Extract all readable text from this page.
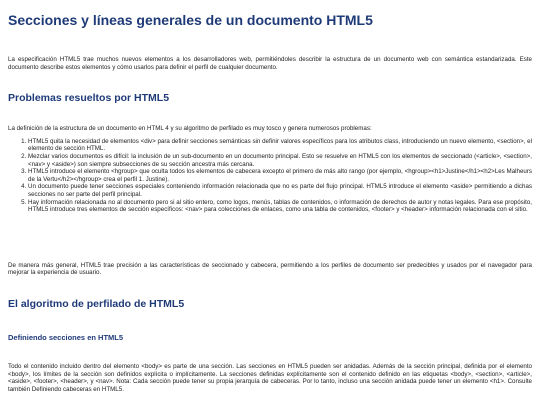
Secciones y líneas generales de un documento HTML5

La especificación HTML5 trae muchos nuevos elementos a los desarrolladores web, permitiéndoles describir la estructura de un documento web con semántica estandarizada. Este documento describe estos elementos y cómo usarlos para definir el perfil de cualquier documento.

Problemas resueltos por HTML5

La definición de la estructura de un documento en HTML 4 y su algoritmo de perfilado es muy tosco y genera numerosos problemas:

1. HTML5 quita la necesidad de elementos <div> para definir secciones semánticas sin definir valores específicos para los atributos class, introduciendo un nuevo elemento, <section>, el elemento de sección HTML.
2. Mezclar varios documentos es difícil: la inclusión de un sub-documento en un documento principal. Esto se resuelve en HTML5 con los elementos de seccionado (<article>, <section>, <nav> y <aside>) son siempre subsecciones de su sección ancestra más cercana.
3. HTML5 introduce el elemento <hgroup> que oculta todos los elementos de cabecera excepto el primero de más alto rango (por ejemplo, <hgroup><h1>Justine</h1><h2>Les Malheurs de la Vertu</h2></hgroup> crea el perfil 1. Justine).
4. Un documento puede tener secciones especiales conteniendo información relacionada que no es parte del flujo principal. HTML5 introduce el elemento <aside> permitiendo a dichas secciones no ser parte del perfil principal.
5. Hay información relacionada no al documento pero si al sitio entero, como logos, menús, tablas de contenidos, o información de derechos de autor y notas legales. Para ese propósito, HTML5 introduce tres elementos de sección específicos: <nav> para colecciones de enlaces, como una tabla de contenidos, <footer> y <header> información relacionada con el sitio.

De manera más general, HTML5 trae precisión a las características de seccionado y cabecera, permitiendo a los perfiles de documento ser predecibles y usados por el navegador para mejorar la experiencia de usuario.

El algoritmo de perfilado de HTML5
Definiendo secciones en HTML5

Todo el contenido incluido dentro del elemento <body> es parte de una sección. Las secciones en HTML5 pueden ser anidadas. Además de la sección principal, definida por el elemento <body>, los límites de la sección son definidos explícita o implícitamente. La secciones definidas explícitamente son el contenido definido en las etiquetas <body>, <section>, <article>, <aside>, <footer>, <header>, y <nav>. Nota: Cada sección puede tener su propia jerarquía de cabeceras. Por lo tanto, incluso una sección anidada puede tener un elemento <h1>. Consulte también Definiendo cabeceras en HTML5.
